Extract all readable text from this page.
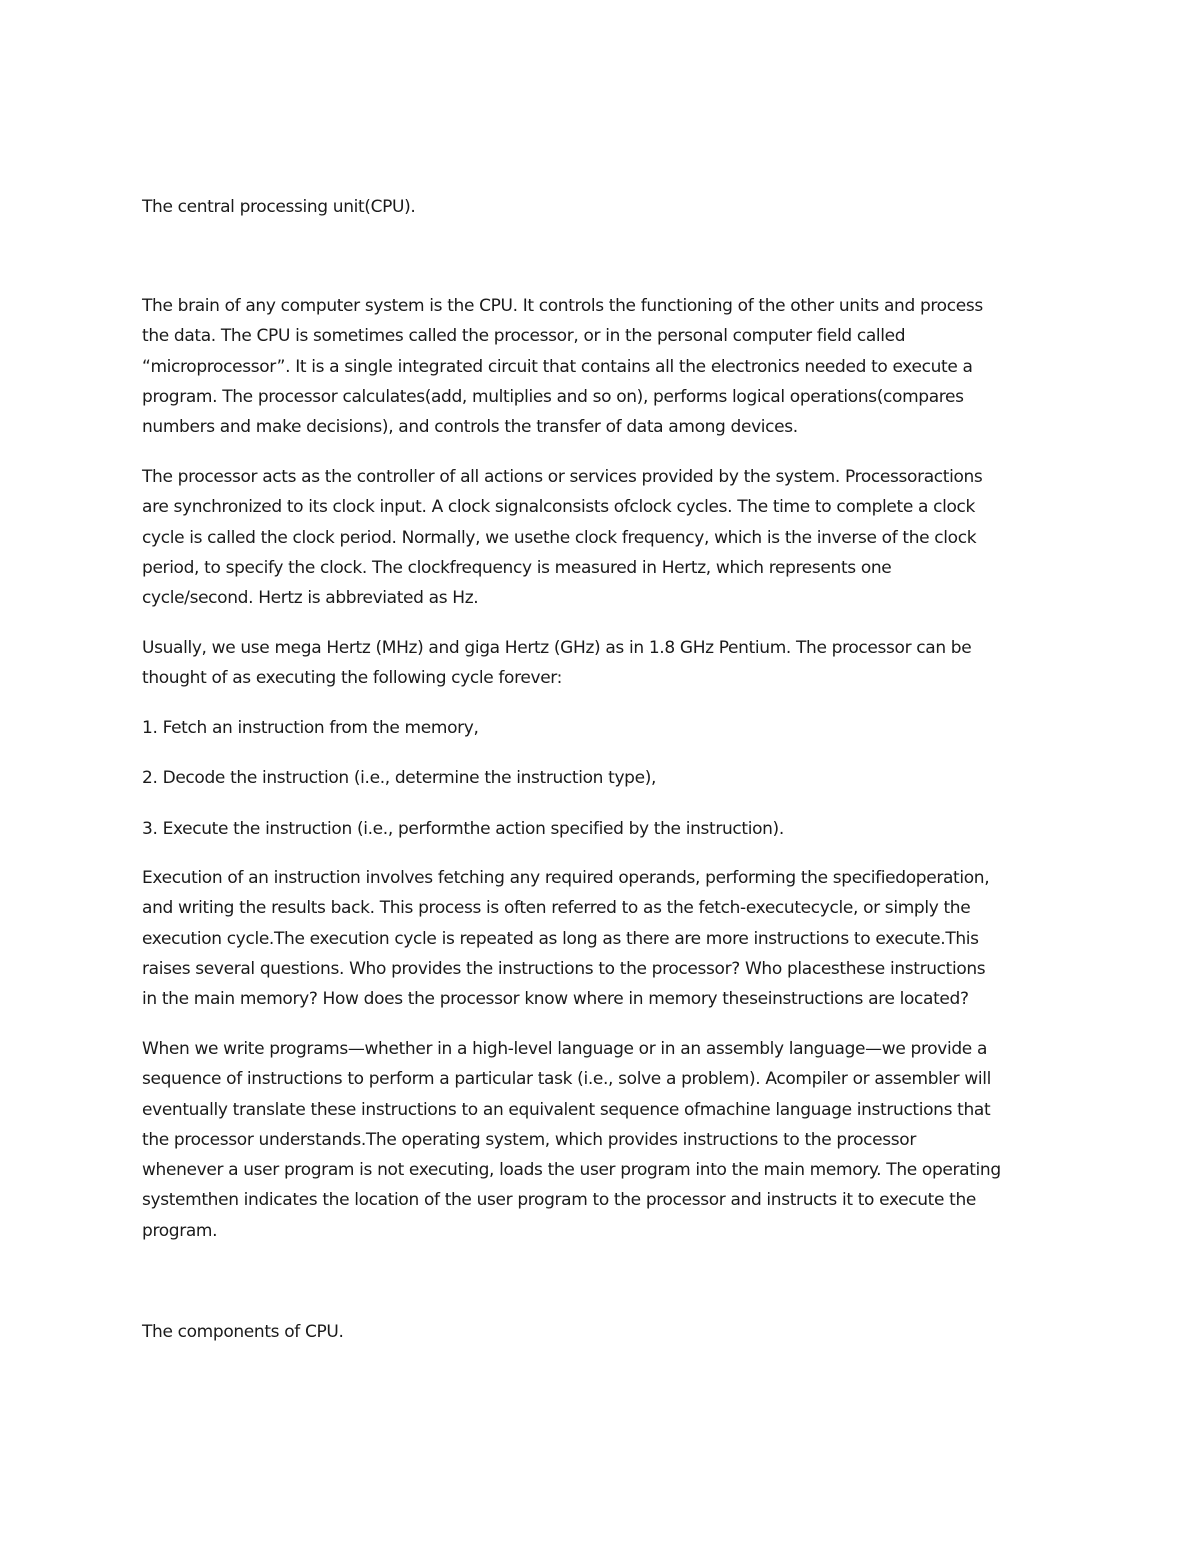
The central processing unit(CPU).

The brain of any computer system is the CPU. It controls the functioning of the other units and process
the data. The CPU is sometimes called the processor, or in the personal computer field called
“microprocessor”. It is a single integrated circuit that contains all the electronics needed to execute a
program. The processor calculates(add, multiplies and so on), performs logical operations(compares
numbers and make decisions), and controls the transfer of data among devices.

The processor acts as the controller of all actions or services provided by the system. Processoractions
are synchronized to its clock input. A clock signalconsists ofclock cycles. The time to complete a clock
cycle is called the clock period. Normally, we usethe clock frequency, which is the inverse of the clock
period, to specify the clock. The clockfrequency is measured in Hertz, which represents one
cycle/second. Hertz is abbreviated as Hz.

Usually, we use mega Hertz (MHz) and giga Hertz (GHz) as in 1.8 GHz Pentium. The processor can be
thought of as executing the following cycle forever:

1. Fetch an instruction from the memory,

2. Decode the instruction (i.e., determine the instruction type),

3. Execute the instruction (i.e., performthe action specified by the instruction).

Execution of an instruction involves fetching any required operands, performing the specifiedoperation,
and writing the results back. This process is often referred to as the fetch-executecycle, or simply the
execution cycle.The execution cycle is repeated as long as there are more instructions to execute.This
raises several questions. Who provides the instructions to the processor? Who placesthese instructions
in the main memory? How does the processor know where in memory theseinstructions are located?

When we write programs—whether in a high-level language or in an assembly language—we provide a
sequence of instructions to perform a particular task (i.e., solve a problem). Acompiler or assembler will
eventually translate these instructions to an equivalent sequence ofmachine language instructions that
the processor understands.The operating system, which provides instructions to the processor
whenever a user program is not executing, loads the user program into the main memory. The operating
systemthen indicates the location of the user program to the processor and instructs it to execute the
program.

The components of CPU.
